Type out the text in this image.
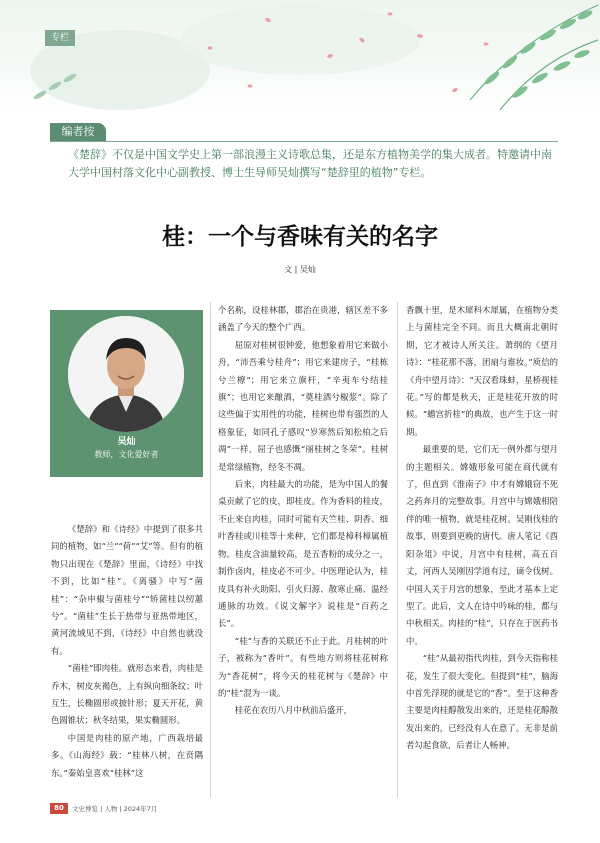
专栏
编者按
《楚辞》不仅是中国文学史上第一部浪漫主义诗歌总集，还是东方植物美学的集大成者。特邀请中南大学中国村落文化中心副教授、博士生导师吴灿撰写“楚辞里的植物”专栏。
桂：一个与香味有关的名字
文 | 吴灿
吴灿
教师，文化爱好者

《楚辞》和《诗经》中提到了很多共同的植物，如“兰”“荷”“艾”等。但有的植物只出现在《楚辞》里面，《诗经》中找不到，比如“桂”。《离骚》中写“菌桂”：“杂申椒与菌桂兮”“矫菌桂以纫蕙兮”。“菌桂”生长于热带与亚热带地区，黄河流域见不到，《诗经》中自然也就没有。

“菌桂”即肉桂。就形态来看，肉桂是乔木，树皮灰褐色，上有纵向细条纹；叶互生，长椭圆形或披针形；夏天开花，黄色圆锥状；秋冬结果，果实椭圆形。

中国是肉桂的原产地，广西栽培最多。《山海经》载：“桂林八树，在贲隅东。”秦始皇喜欢“桂林”这

个名称，设桂林郡，郡治在贵港，辖区差不多涵盖了今天的整个广西。

屈原对桂树很钟爱，他想象着用它来做小舟，“沛吾乘兮桂舟”；用它来建房子，“桂栋兮兰橑”；用它来立旗杆，“辛夷车兮结桂旗”；也用它来酿酒，“奠桂酒兮椒浆”。除了这些偏于实用性的功能，桂树也带有强烈的人格象征，如同孔子感叹“岁寒然后知松柏之后凋”一样，屈子也感慨“丽桂树之冬荣”。桂树是常绿植物，经冬不凋。

后来，肉桂最大的功能，是为中国人的餐桌贡献了它的皮，即桂皮。作为香料的桂皮，不止来自肉桂，同时可能有天竺桂、阴香、细叶香桂或川桂等十来种，它们都是樟科樟属植物。桂皮含油量较高，是五香粉的成分之一，制作卤肉，桂皮必不可少。中医理论认为，桂皮具有补火助阳、引火归源、散寒止痛、温经通脉的功效。《说文解字》说桂是“百药之长”。

“桂”与香的关联还不止于此。月桂树的叶子，被称为“香叶”。有些地方则将桂花树称为“香花树”，将今天的桂花树与《楚辞》中的“桂”混为一谈。

桂花在农历八月中秋前后盛开，

香飘十里，是木犀科木犀属，在植物分类上与菌桂完全不同。而且大概南北朝时期，它才被诗人所关注。萧纲的《望月诗》：“桂花那不落，团扇与谁妆。”庾信的《舟中望月诗》：“天汉看珠蚌，星桥视桂花。”写的都是秋天，正是桂花开放的时候。“蟾宫折桂”的典故，也产生于这一时期。

最重要的是，它们无一例外都与望月的主题相关。嫦娥形象可能在商代就有了，但直到《淮南子》中才有嫦娥窃不死之药奔月的完整故事。月宫中与嫦娥相陪伴的唯一植物，就是桂花树。吴刚伐桂的故事，则要到更晚的唐代。唐人笔记《酉阳杂俎》中说，月宫中有桂树，高五百丈，河西人吴刚因学道有过，谪令伐树。中国人关于月宫的想象，至此才基本上定型了。此后，文人在诗中吟咏的桂，都与中秋相关。肉桂的“桂”，只存在于医药书中。

“桂”从最初指代肉桂，到今天指称桂花，发生了很大变化。但提到“桂”，脑海中首先浮现的就是它的“香”。至于这种香主要是肉桂醇散发出来的，还是桂花醇散发出来的，已经没有人在意了。无非是前者勾起食欲，后者让人畅神。

80	文史博览 | 人物 | 2024年7月
